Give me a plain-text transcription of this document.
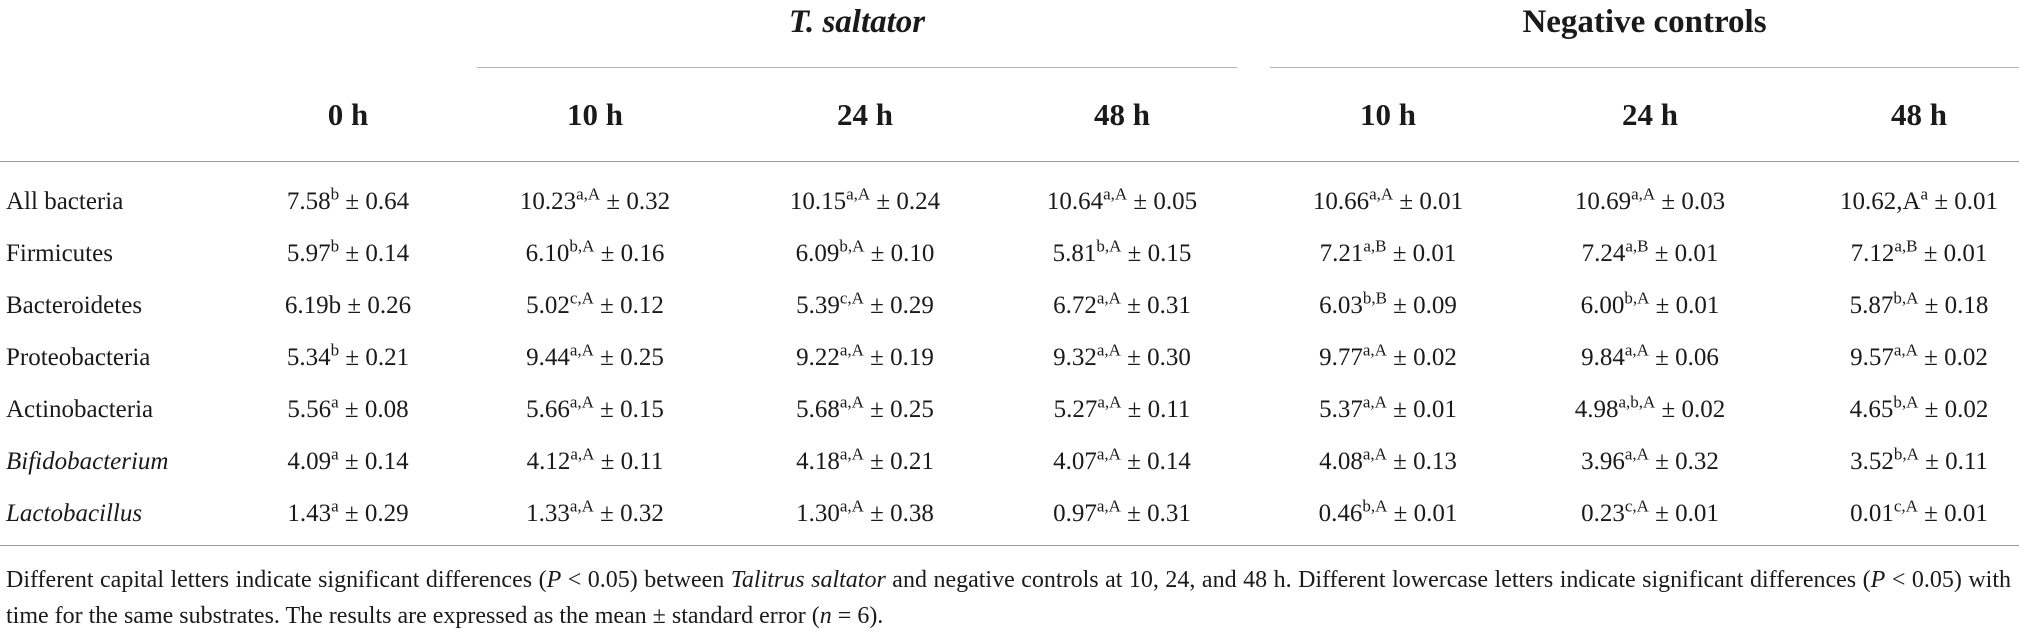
T. saltator	Negative controls
0 h	10 h	24 h	48 h	10 h	24 h	48 h
All bacteria	7.58$^b$ ± 0.64	$10.23^{a,A} \pm 0.32$	$10.15^{a,A} \pm 0.24$	$10.64^{a,A} \pm 0.05$	$10.66^{a,A} \pm 0.01$	$10.69^{a,A} \pm 0.03$	$10.62,A^a \pm 0.01$
Firmicutes	5.97$^b$ ± 0.14	$6.10^{b,A} \pm 0.16$	$6.09^{b,A} \pm 0.10$	$5.81^{b,A} \pm 0.15$	$7.21^{a,B} \pm 0.01$	$7.24^{a,B} \pm 0.01$	$7.12^{a,B} \pm 0.01$
Bacteroidetes	6.19b ± 0.26	$5.02^{c,A} \pm 0.12$	$5.39^{c,A} \pm 0.29$	$6.72^{a,A} \pm 0.31$	$6.03^{b,B} \pm 0.09$	$6.00^{b,A} \pm 0.01$	$5.87^{b,A} \pm 0.18$
Proteobacteria	5.34$^b$ ± 0.21	$9.44^{a,A} \pm 0.25$	$9.22^{a,A} \pm 0.19$	$9.32^{a,A} \pm 0.30$	$9.77^{a,A} \pm 0.02$	$9.84^{a,A} \pm 0.06$	$9.57^{a,A} \pm 0.02$
Actinobacteria	5.56$^a$ ± 0.08	$5.66^{a,A} \pm 0.15$	$5.68^{a,A} \pm 0.25$	$5.27^{a,A} \pm 0.11$	$5.37^{a,A} \pm 0.01$	$4.98^{a,b,A} \pm 0.02$	$4.65^{b,A} \pm 0.02$
Bifidobacterium	4.09$^a$ ± 0.14	$4.12^{a,A} \pm 0.11$	$4.18^{a,A} \pm 0.21$	$4.07^{a,A} \pm 0.14$	$4.08^{a,A} \pm 0.13$	$3.96^{a,A} \pm 0.32$	$3.52^{b,A} \pm 0.11$
Lactobacillus	1.43$^a$ ± 0.29	$1.33^{a,A} \pm 0.32$	$1.30^{a,A} \pm 0.38$	$0.97^{a,A} \pm 0.31$	$0.46^{b,A} \pm 0.01$	$0.23^{c,A} \pm 0.01$	$0.01^{c,A} \pm 0.01$
Different capital letters indicate significant differences (P < 0.05) between Talitrus saltator and negative controls at 10, 24, and 48 h. Different lowercase letters indicate significant differences (P < 0.05) with time for the same substrates. The results are expressed as the mean ± standard error (n = 6).
